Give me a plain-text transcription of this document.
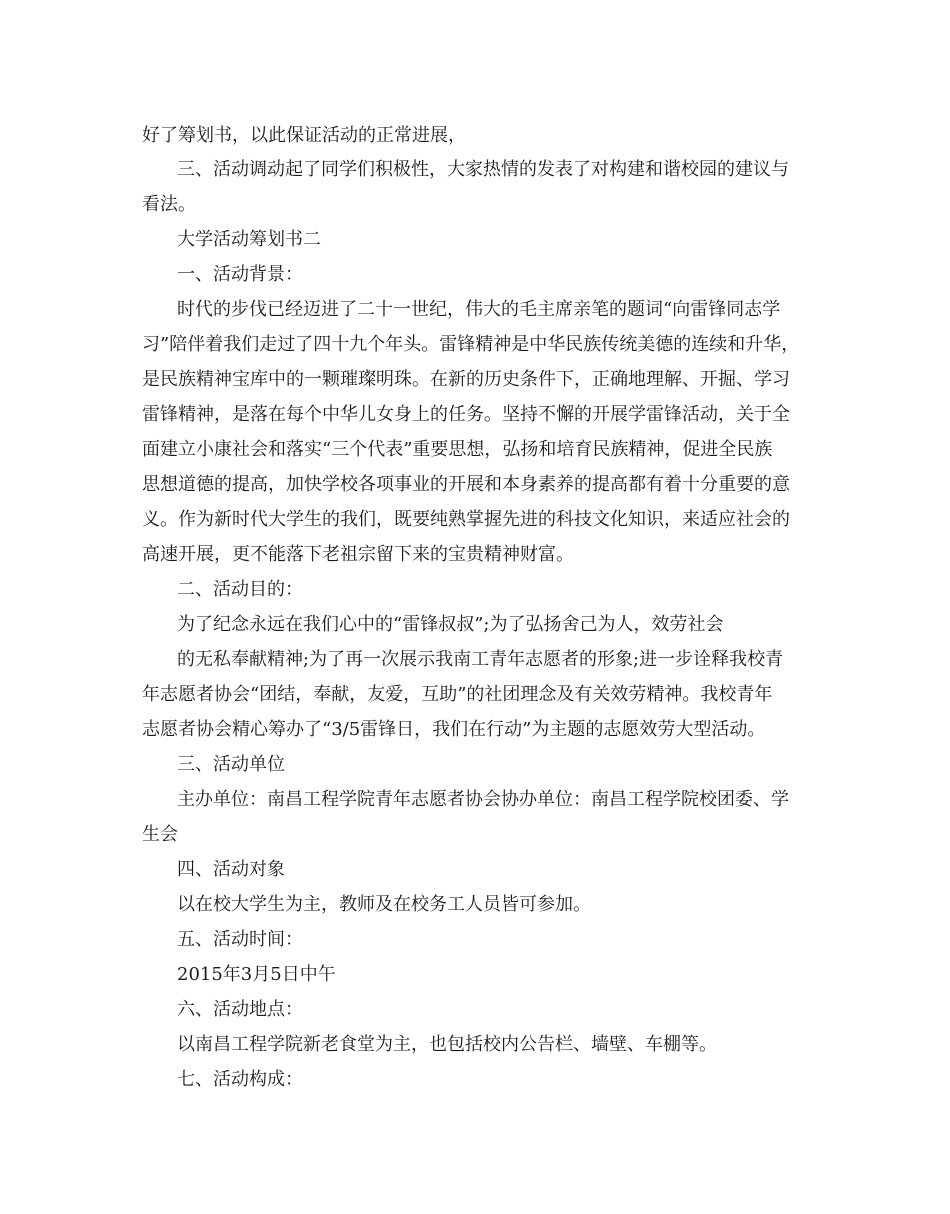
好了筹划书，以此保证活动的正常进展，

三、活动调动起了同学们积极性，大家热情的发表了对构建和谐校园的建议与

看法。

大学活动筹划书二

一、活动背景：

时代的步伐已经迈进了二十一世纪，伟大的毛主席亲笔的题词“向雷锋同志学

习”陪伴着我们走过了四十九个年头。雷锋精神是中华民族传统美德的连续和升华，

是民族精神宝库中的一颗璀璨明珠。在新的历史条件下，正确地理解、开掘、学习

雷锋精神，是落在每个中华儿女身上的任务。坚持不懈的开展学雷锋活动，关于全

面建立小康社会和落实“三个代表”重要思想，弘扬和培育民族精神，促进全民族

思想道德的提高，加快学校各项事业的开展和本身素养的提高都有着十分重要的意

义。作为新时代大学生的我们，既要纯熟掌握先进的科技文化知识，来适应社会的

高速开展，更不能落下老祖宗留下来的宝贵精神财富。

二、活动目的：

为了纪念永远在我们心中的“雷锋叔叔”;为了弘扬舍己为人，效劳社会

的无私奉献精神;为了再一次展示我南工青年志愿者的形象;进一步诠释我校青

年志愿者协会“团结，奉献，友爱，互助”的社团理念及有关效劳精神。我校青年

志愿者协会精心筹办了“3/5雷锋日，我们在行动”为主题的志愿效劳大型活动。

三、活动单位

主办单位：南昌工程学院青年志愿者协会协办单位：南昌工程学院校团委、学

生会

四、活动对象

以在校大学生为主，教师及在校务工人员皆可参加。

五、活动时间：

2015年3月5日中午

六、活动地点：

以南昌工程学院新老食堂为主，也包括校内公告栏、墙壁、车棚等。

七、活动构成：
